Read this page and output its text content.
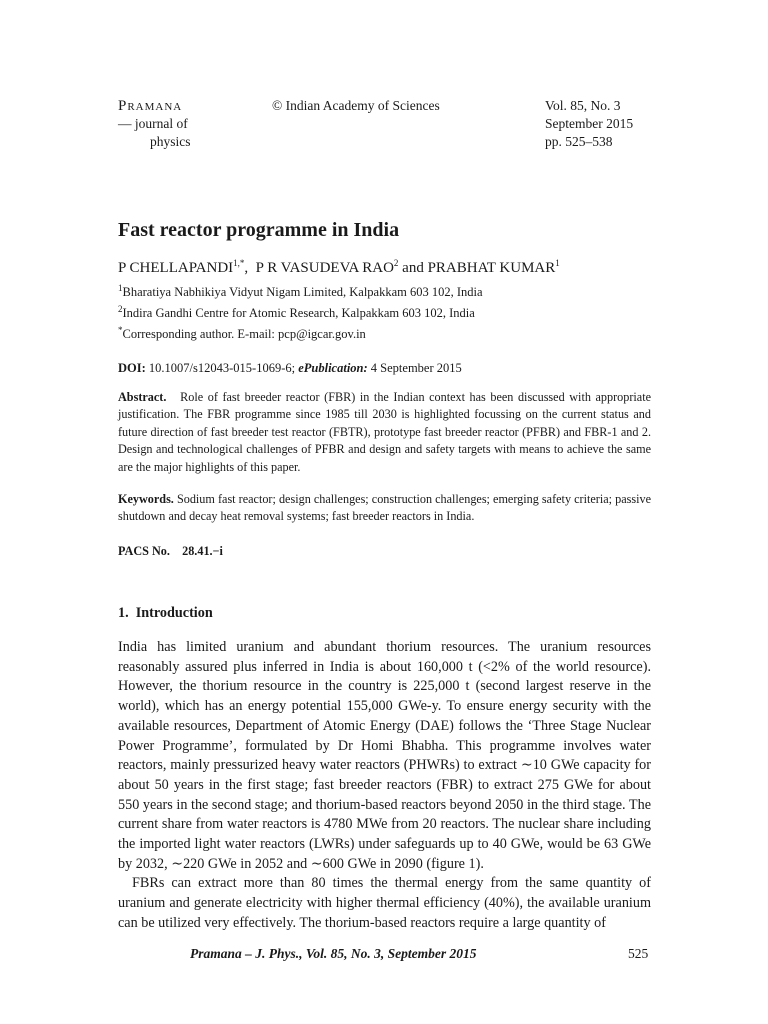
Pramana
— journal of
physics
© Indian Academy of Sciences	Vol. 85, No. 3
September 2015
pp. 525–538
Fast reactor programme in India
P $CHELLAPANDI^{1,*}$,  P R VASUDEVA RAO$^2$ and PRABHAT KUMAR$^1$
$^1$Bharatiya Nabhikiya Vidyut Nigam Limited, Kalpakkam 603 102, India
$^2$Indira Gandhi Centre for Atomic Research, Kalpakkam 603 102, India
*Corresponding author. E-mail: pcp@igcar.gov.in
DOI: 10.1007/s12043-015-1069-6; ePublication: 4 September 2015
Abstract. Role of fast breeder reactor (FBR) in the Indian context has been discussed with appropriate justification. The FBR programme since 1985 till 2030 is highlighted focussing on the current status and future direction of fast breeder test reactor (FBTR), prototype fast breeder reactor (PFBR) and FBR-1 and 2. Design and technological challenges of PFBR and design and safety targets with means to achieve the same are the major highlights of this paper.
Keywords. Sodium fast reactor; design challenges; construction challenges; emerging safety criteria; passive shutdown and decay heat removal systems; fast breeder reactors in India.
PACS No. 28.41.−i
1. Introduction
India has limited uranium and abundant thorium resources. The uranium resources reasonably assured plus inferred in India is about 160,000 t (<2% of the world resource). However, the thorium resource in the country is 225,000 t (second largest reserve in the world), which has an energy potential 155,000 GWe-y. To ensure energy security with the available resources, Department of Atomic Energy (DAE) follows the ‘Three Stage Nuclear Power Programme’, formulated by Dr Homi Bhabha. This programme involves water reactors, mainly pressurized heavy water reactors (PHWRs) to extract ∼10 GWe capacity for about 50 years in the first stage; fast breeder reactors (FBR) to extract 275 GWe for about 550 years in the second stage; and thorium-based reactors beyond 2050 in the third stage. The current share from water reactors is 4780 MWe from 20 reactors. The nuclear share including the imported light water reactors (LWRs) under safeguards up to 40 GWe, would be 63 GWe by 2032, ∼220 GWe in 2052 and ∼600 GWe in 2090 (figure 1).
FBRs can extract more than 80 times the thermal energy from the same quantity of uranium and generate electricity with higher thermal efficiency (40%), the available uranium can be utilized very effectively. The thorium-based reactors require a large quantity of
Pramana – J. Phys., Vol. 85, No. 3, September 2015	525
